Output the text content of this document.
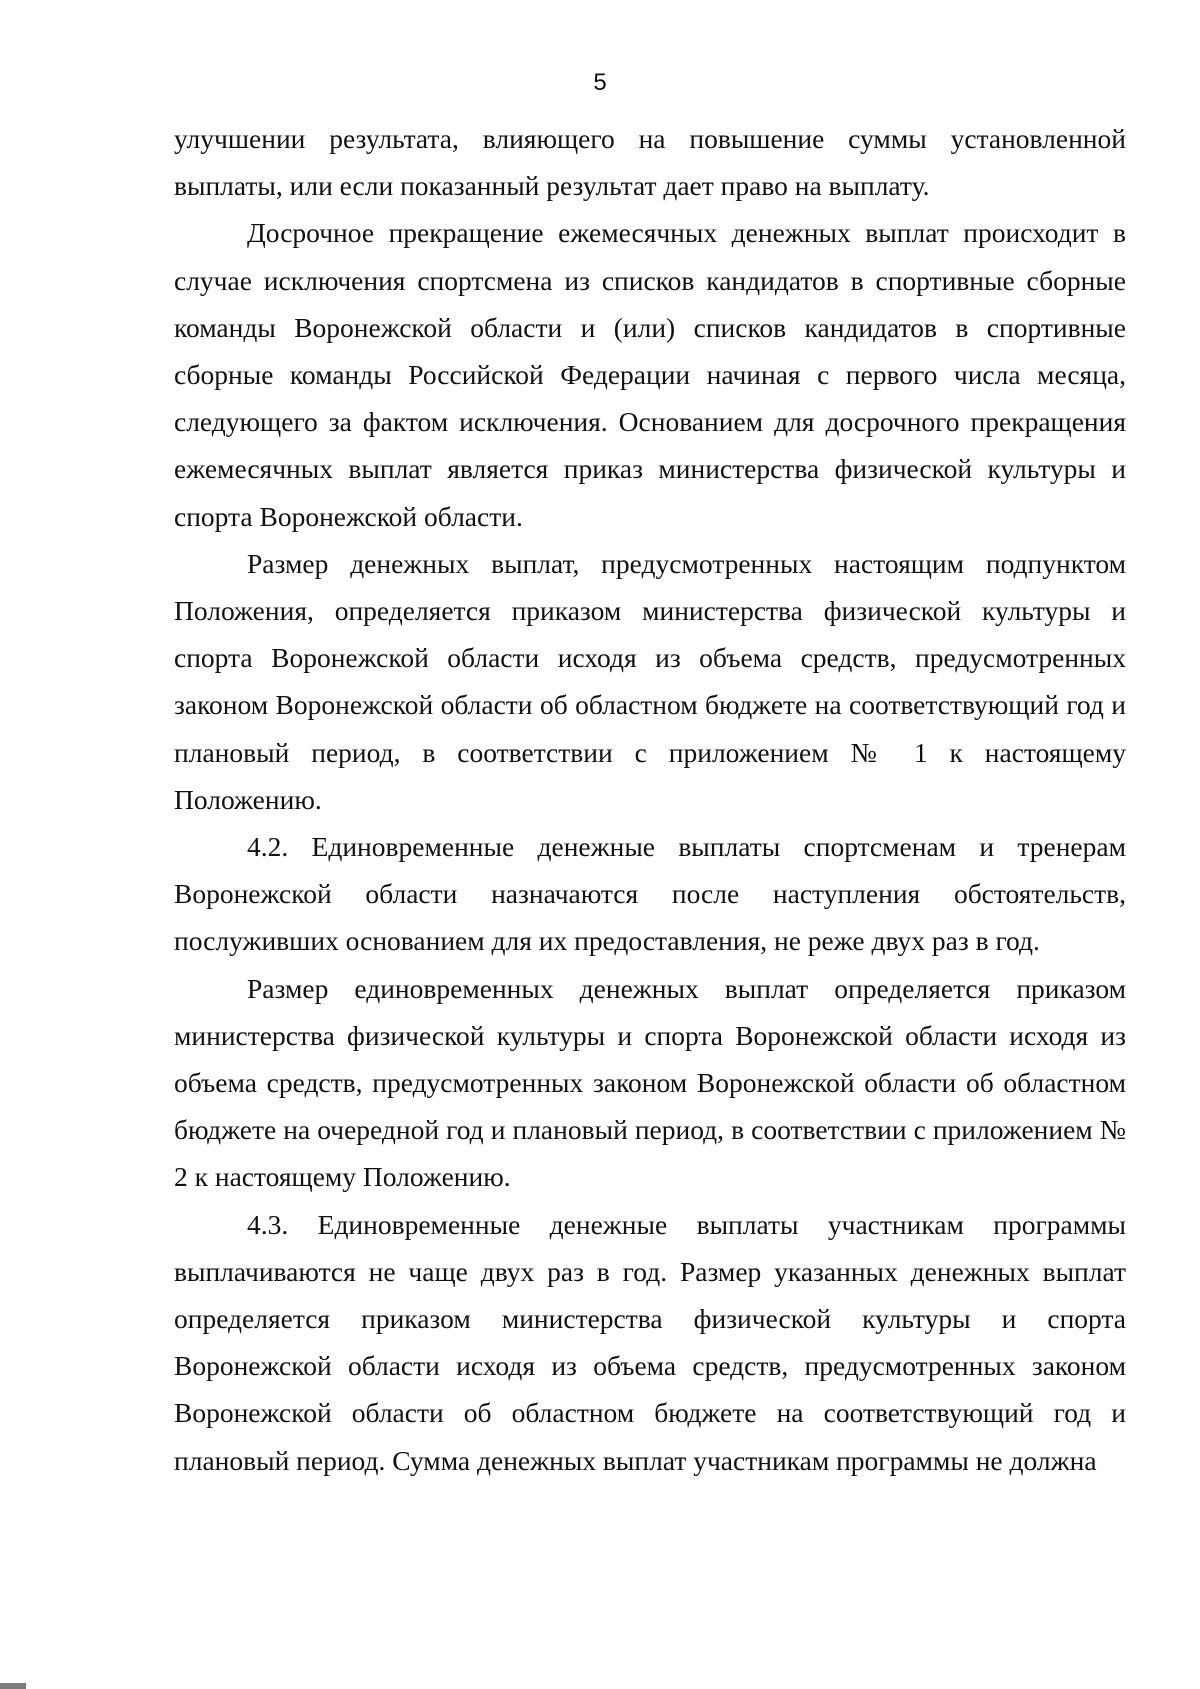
5

улучшении результата, влияющего на повышение суммы установленной выплаты, или если показанный результат дает право на выплату.

Досрочное прекращение ежемесячных денежных выплат происходит в случае исключения спортсмена из списков кандидатов в спортивные сборные команды Воронежской области и (или) списков кандидатов в спортивные сборные команды Российской Федерации начиная с первого числа месяца, следующего за фактом исключения. Основанием для досрочного прекращения ежемесячных выплат является приказ министерства физической культуры и спорта Воронежской области.

Размер денежных выплат, предусмотренных настоящим подпунктом Положения, определяется приказом министерства физической культуры и спорта Воронежской области исходя из объема средств, предусмотренных законом Воронежской области об областном бюджете на соответствующий год и плановый период, в соответствии с приложением № 1 к настоящему Положению.

4.2. Единовременные денежные выплаты спортсменам и тренерам Воронежской области назначаются после наступления обстоятельств, послуживших основанием для их предоставления, не реже двух раз в год.

Размер единовременных денежных выплат определяется приказом министерства физической культуры и спорта Воронежской области исходя из объема средств, предусмотренных законом Воронежской области об областном бюджете на очередной год и плановый период, в соответствии с приложением № 2 к настоящему Положению.

4.3. Единовременные денежные выплаты участникам программы выплачиваются не чаще двух раз в год. Размер указанных денежных выплат определяется приказом министерства физической культуры и спорта Воронежской области исходя из объема средств, предусмотренных законом Воронежской области об областном бюджете на соответствующий год и плановый период. Сумма денежных выплат участникам программы не должна
